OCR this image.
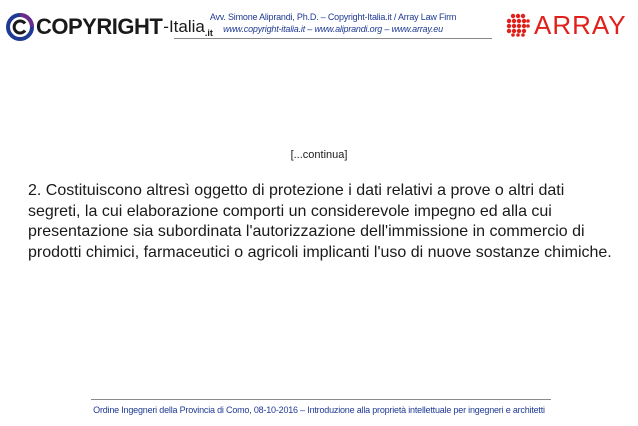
COPYRIGHT -Italia .it
Avv. Simone Aliprandi, Ph.D. – Copyright-Italia.it / Array Law Firm
www.copyright-italia.it – www.aliprandi.org – www.array.eu	ARRAY
[...continua]
2. Costituiscono altresì oggetto di protezione i dati relativi a prove o altri dati segreti, la cui elaborazione comporti un considerevole impegno ed alla cui presentazione sia subordinata l'autorizzazione dell'immissione in commercio di prodotti chimici, farmaceutici o agricoli implicanti l'uso di nuove sostanze chimiche.
Ordine Ingegneri della Provincia di Como, 08-10-2016 – Introduzione alla proprietà intellettuale per ingegneri e architetti
